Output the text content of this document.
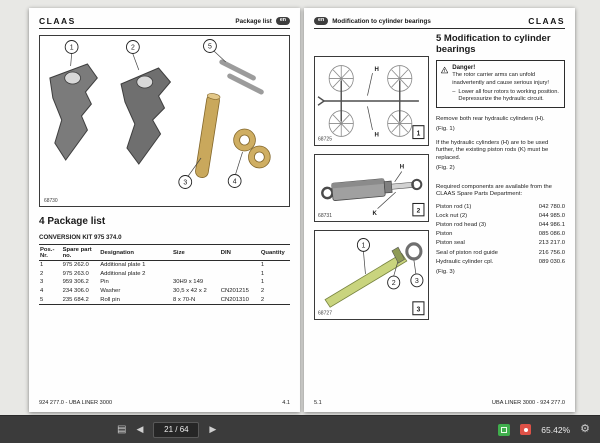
CLAAS	Package list	en
1	2
3	4
5
68730
4 Package list
CONVERSION KIT 975 374.0
Pos.-Nr.	Spare part no.	Designation	Size	DIN	Quantity
1	975 262.0	Additional plate 1			1
2	975 263.0	Additional plate 2			1
3	959 306.2	Pin	30H9 x 149		1
4	234 306.0	Washer	30,5 x 42 x 2	CN201215	2
5	235 684.2	Roll pin	8 x 70-N	CN201310	2
924 277.0 - UBA LINER 3000	4.1
en	Modification to cylinder bearings	CLAAS
H
H	1
68725
H
K	2
68731
1
2	3
3
68727
5 Modification to cylinder bearings
! Danger!
The rotor carrier arms can unfold inadvertently and cause serious injury!
– Lower all four rotors to working position. Depressurize the hydraulic circuit.
Remove both rear hydraulic cylinders (H).
(Fig. 1)
If the hydraulic cylinders (H) are to be used further, the existing piston rods (K) must be replaced.
(Fig. 2)
Required components are available from the CLAAS Spare Parts Department:
Piston rod (1)	042 780.0
Lock nut (2)	044 985.0
Piston rod head (3)	044 986.1
Piston	085 086.0
Piston seal	213 217.0
Seal of piston rod guide	216 756.0
Hydraulic cylinder cpl.	089 030.6
(Fig. 3)
5.1	UBA LINER 3000 - 924 277.0
▤	◀	21 / 64	▶	65.42% ⚙
